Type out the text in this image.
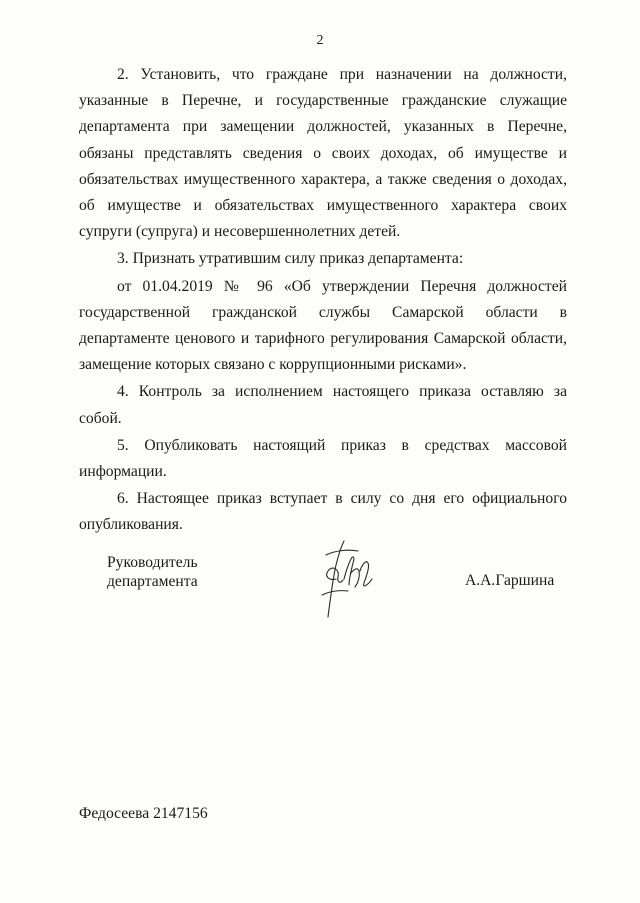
2

2. Установить, что граждане при назначении на должности, указанные в Перечне, и государственные гражданские служащие департамента при замещении должностей, указанных в Перечне, обязаны представлять сведения о своих доходах, об имуществе и обязательствах имущественного характера, а также сведения о доходах, об имуществе и обязательствах имущественного характера своих супруги (супруга) и несовершеннолетних детей.

3. Признать утратившим силу приказ департамента:

от 01.04.2019 № 96 «Об утверждении Перечня должностей государственной гражданской службы Самарской области в департаменте ценового и тарифного регулирования Самарской области, замещение которых связано с коррупционными рисками».

4. Контроль за исполнением настоящего приказа оставляю за собой.

5. Опубликовать настоящий приказ в средствах массовой информации.

6. Настоящее приказ вступает в силу со дня его официального опубликования.

Руководитель
департамента	А.А.Гаршина
Федосеева 2147156
